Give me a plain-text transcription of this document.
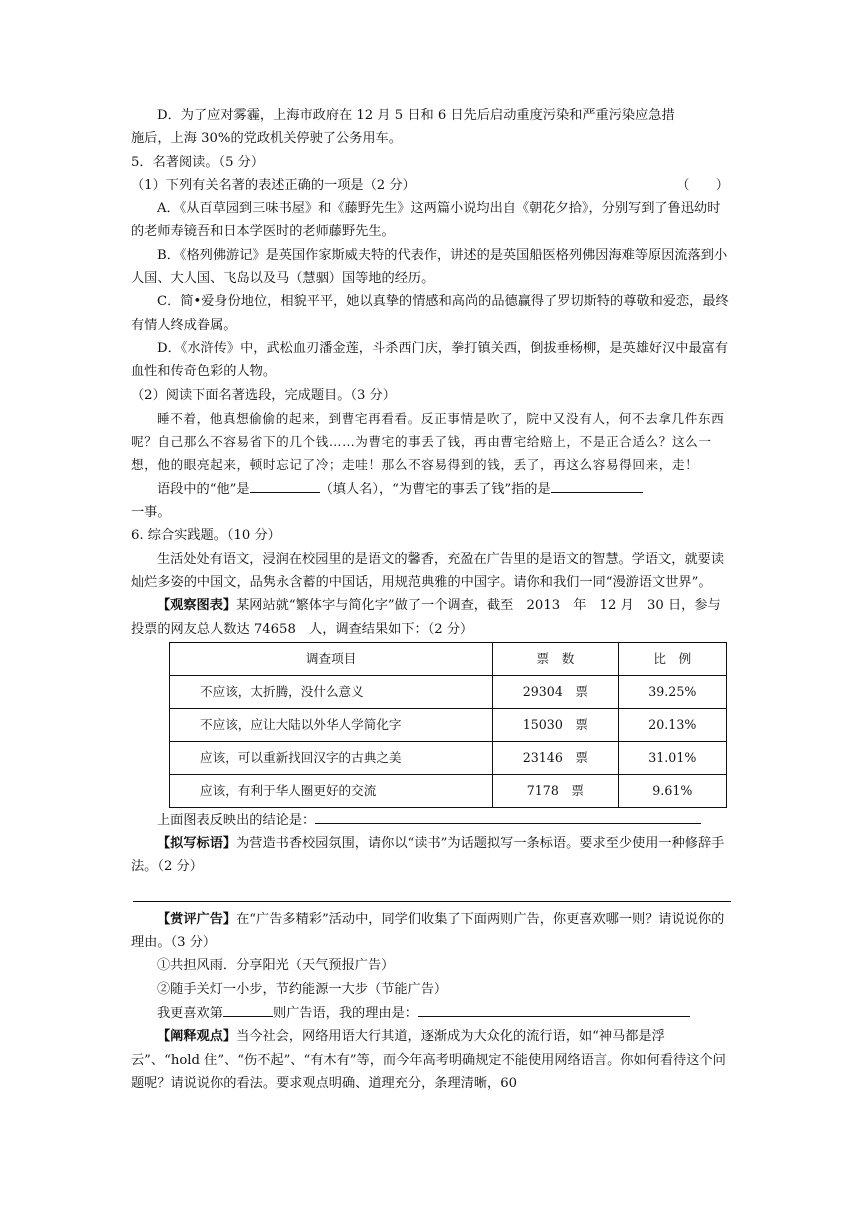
D．为了应对雾霾，上海市政府在 12 月 5 日和 6 日先后启动重度污染和严重污染应急措

施后，上海 30%的党政机关停驶了公务用车。

5．名著阅读。（5 分）

（1）下列有关名著的表述正确的一项是（2 分）	（　　）

A．《从百草园到三味书屋》和《藤野先生》这两篇小说均出自《朝花夕拾》，分别写到了鲁迅幼时的老师寿镜吾和日本学医时的老师藤野先生。

B．《格列佛游记》是英国作家斯威夫特的代表作，讲述的是英国船医格列佛因海难等原因流落到小人国、大人国、飞岛以及马（慧骃）国等地的经历。

C．简•爱身份地位，相貌平平，她以真挚的情感和高尚的品德赢得了罗切斯特的尊敬和爱恋，最终有情人终成眷属。

D．《水浒传》中，武松血刃潘金莲，斗杀西门庆，拳打镇关西，倒拔垂杨柳，是英雄好汉中最富有血性和传奇色彩的人物。

（2）阅读下面名著选段，完成题目。（3 分）

睡不着，他真想偷偷的起来，到曹宅再看看。反正事情是吹了，院中又没有人，何不去拿几件东西呢？自己那么不容易省下的几个钱……为曹宅的事丢了钱，再由曹宅给赔上，不是正合适么？这么一想，他的眼亮起来，顿时忘记了冷；走哇！那么不容易得到的钱，丢了，再这么容易得回来，走！

语段中的“他”是	（填人名），“为曹宅的事丢了钱”指的是

一事。

6. 综合实践题。（10 分）

生活处处有语文，浸润在校园里的是语文的馨香，充盈在广告里的是语文的智慧。学语文，就要读灿烂多姿的中国文，品隽永含蓄的中国话，用规范典雅的中国字。请你和我们一同“漫游语文世界”。

【观察图表】某网站就“繁体字与简化字”做了一个调查，截至　2013　年　12 月　30 日，参与投票的网友总人数达 74658　人，调查结果如下：（2 分）

调查项目	票　数	比　例
不应该，太折腾，没什么意义	29304　票	39.25%
不应该，应让大陆以外华人学简化字	15030　票	20.13%
应该，可以重新找回汉字的古典之美	23146　票	31.01%
应该，有利于华人圈更好的交流	7178　票	9.61%

上面图表反映出的结论是：

【拟写标语】为营造书香校园氛围，请你以“读书”为话题拟写一条标语。要求至少使用一种修辞手法。（2 分）

【赏评广告】在“广告多精彩”活动中，同学们收集了下面两则广告，你更喜欢哪一则？请说说你的理由。（3 分）

①共担风雨．分享阳光（天气预报广告）

②随手关灯一小步，节约能源一大步（节能广告）

我更喜欢第	则广告语，我的理由是：

【阐释观点】当今社会，网络用语大行其道，逐渐成为大众化的流行语，如“神马都是浮云”、“hold 住”、“伤不起”、“有木有”等，而今年高考明确规定不能使用网络语言。你如何看待这个问题呢？请说说你的看法。要求观点明确、道理充分，条理清晰，60
